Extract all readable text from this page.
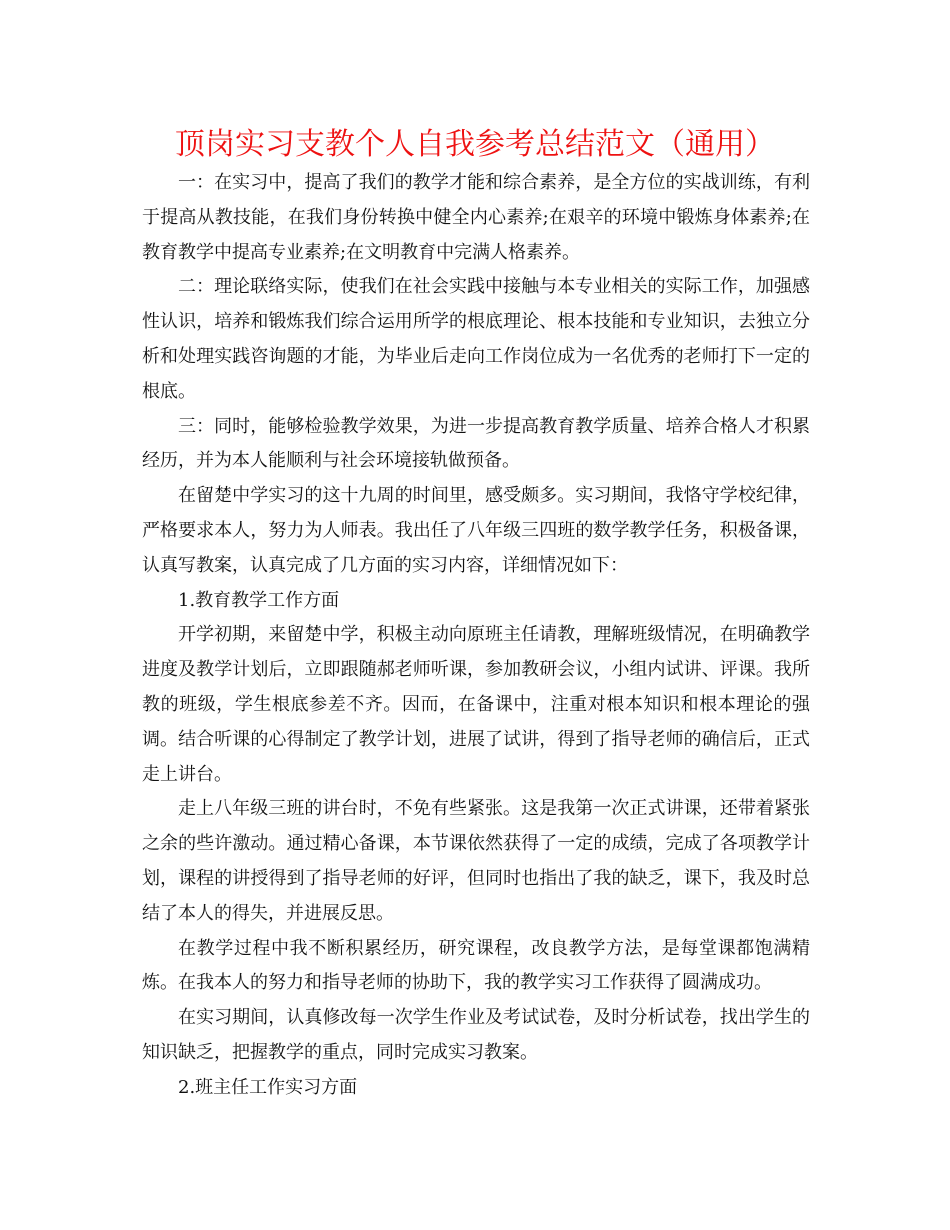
顶岗实习支教个人自我参考总结范文（通用）

一：在实习中，提高了我们的教学才能和综合素养，是全方位的实战训练，有利于提高从教技能，在我们身份转换中健全内心素养;在艰辛的环境中锻炼身体素养;在教育教学中提高专业素养;在文明教育中完满人格素养。

二：理论联络实际，使我们在社会实践中接触与本专业相关的实际工作，加强感性认识，培养和锻炼我们综合运用所学的根底理论、根本技能和专业知识，去独立分析和处理实践咨询题的才能，为毕业后走向工作岗位成为一名优秀的老师打下一定的根底。

三：同时，能够检验教学效果，为进一步提高教育教学质量、培养合格人才积累经历，并为本人能顺利与社会环境接轨做预备。

在留楚中学实习的这十九周的时间里，感受颇多。实习期间，我恪守学校纪律，严格要求本人，努力为人师表。我出任了八年级三四班的数学教学任务，积极备课，认真写教案，认真完成了几方面的实习内容，详细情况如下：

1.教育教学工作方面

开学初期，来留楚中学，积极主动向原班主任请教，理解班级情况，在明确教学进度及教学计划后，立即跟随郝老师听课，参加教研会议，小组内试讲、评课。我所教的班级，学生根底参差不齐。因而，在备课中，注重对根本知识和根本理论的强调。结合听课的心得制定了教学计划，进展了试讲，得到了指导老师的确信后，正式走上讲台。

走上八年级三班的讲台时，不免有些紧张。这是我第一次正式讲课，还带着紧张之余的些许激动。通过精心备课，本节课依然获得了一定的成绩，完成了各项教学计划，课程的讲授得到了指导老师的好评，但同时也指出了我的缺乏，课下，我及时总结了本人的得失，并进展反思。

在教学过程中我不断积累经历，研究课程，改良教学方法，是每堂课都饱满精炼。在我本人的努力和指导老师的协助下，我的教学实习工作获得了圆满成功。

在实习期间，认真修改每一次学生作业及考试试卷，及时分析试卷，找出学生的知识缺乏，把握教学的重点，同时完成实习教案。

2.班主任工作实习方面
